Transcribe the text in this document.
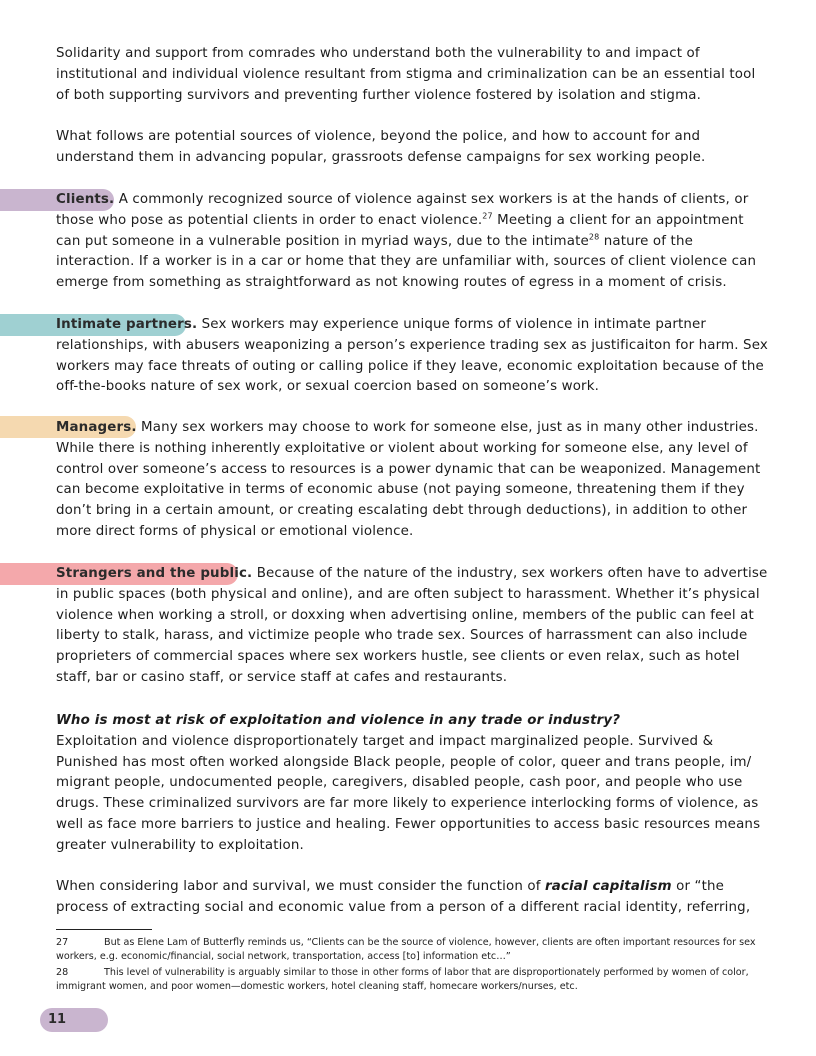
Solidarity and support from comrades who understand both the vulnerability to and impact of institutional and individual violence resultant from stigma and criminalization can be an essential tool of both supporting survivors and preventing further violence fostered by isolation and stigma.

What follows are potential sources of violence, beyond the police, and how to account for and understand them in advancing popular, grassroots defense campaigns for sex working people.

Clients. A commonly recognized source of violence against sex workers is at the hands of clients, or those who pose as potential clients in order to enact violence.$^{27}$ Meeting a client for an appointment can put someone in a vulnerable position in myriad ways, due to the intimate$^{28}$ nature of the interaction. If a worker is in a car or home that they are unfamiliar with, sources of client violence can emerge from something as straightforward as not knowing routes of egress in a moment of crisis.

Intimate partners. Sex workers may experience unique forms of violence in intimate partner relationships, with abusers weaponizing a person’s experience trading sex as justificaiton for harm. Sex workers may face threats of outing or calling police if they leave, economic exploitation because of the off-the-books nature of sex work, or sexual coercion based on someone’s work.

Managers. Many sex workers may choose to work for someone else, just as in many other industries. While there is nothing inherently exploitative or violent about working for someone else, any level of control over someone’s access to resources is a power dynamic that can be weaponized. Management can become exploitative in terms of economic abuse (not paying someone, threatening them if they don’t bring in a certain amount, or creating escalating debt through deductions), in addition to other more direct forms of physical or emotional violence.

Strangers and the public. Because of the nature of the industry, sex workers often have to advertise in public spaces (both physical and online), and are often subject to harassment. Whether it’s physical violence when working a stroll, or doxxing when advertising online, members of the public can feel at liberty to stalk, harass, and victimize people who trade sex. Sources of harrassment can also include proprieters of commercial spaces where sex workers hustle, see clients or even relax, such as hotel staff, bar or casino staff, or service staff at cafes and restaurants.

Who is most at risk of exploitation and violence in any trade or industry?
Exploitation and violence disproportionately target and impact marginalized people. Survived & Punished has most often worked alongside Black people, people of color, queer and trans people, im/ migrant people, undocumented people, caregivers, disabled people, cash poor, and people who use drugs. These criminalized survivors are far more likely to experience interlocking forms of violence, as well as face more barriers to justice and healing. Fewer opportunities to access basic resources means greater vulnerability to exploitation.

When considering labor and survival, we must consider the function of racial capitalism or “the process of extracting social and economic value from a person of a different racial identity, referring,

27	But as Elene Lam of Butterfly reminds us, “Clients can be the source of violence, however, clients are often important resources for sex workers, e.g. economic/financial, social network, transportation, access [to] information etc…”

28	This level of vulnerability is arguably similar to those in other forms of labor that are disproportionately performed by women of color, immigrant women, and poor women—domestic workers, hotel cleaning staff, homecare workers/nurses, etc.

11
